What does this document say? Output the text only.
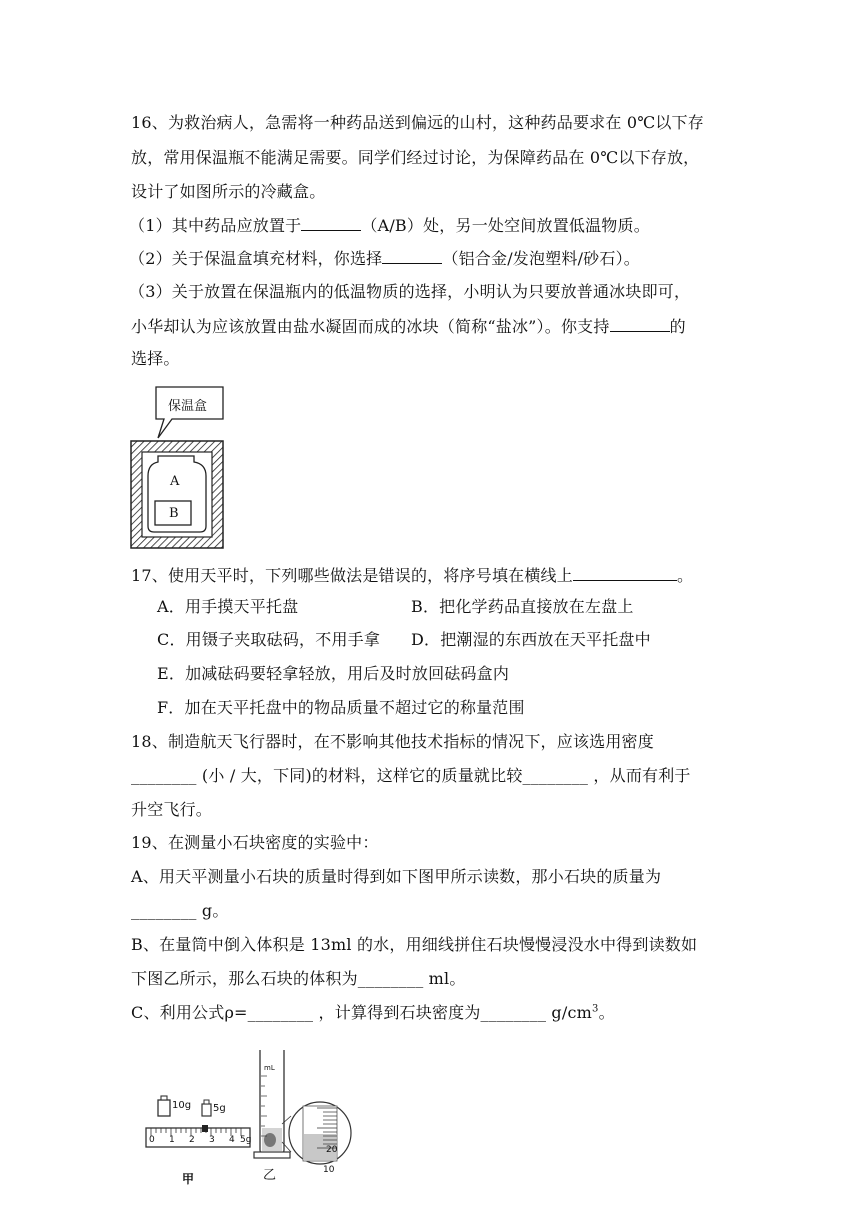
16、为救治病人，急需将一种药品送到偏远的山村，这种药品要求在 0℃以下存
放，常用保温瓶不能满足需要。同学们经过讨论，为保障药品在 0℃以下存放，
设计了如图所示的冷藏盒。
（1）其中药品应放置于	（A/B）处，另一处空间放置低温物质。
（2）关于保温盒填充材料，你选择	（铝合金/发泡塑料/砂石）。
（3）关于放置在保温瓶内的低温物质的选择，小明认为只要放普通冰块即可，
小华却认为应该放置由盐水凝固而成的冰块（简称“盐冰”）。你支持	的
选择。
保温盒
A
B
17、使用天平时，下列哪些做法是错误的，将序号填在横线上	。
A．用手摸天平托盘	B．把化学药品直接放在左盘上
C．用镊子夹取砝码，不用手拿 D．把潮湿的东西放在天平托盘中
E．加减砝码要轻拿轻放，用后及时放回砝码盒内
F．加在天平托盘中的物品质量不超过它的称量范围
18、制造航天飞行器时，在不影响其他技术指标的情况下，应该选用密度
________ (小 / 大，下同)的材料，这样它的质量就比较________ ，从而有利于
升空飞行。
19、在测量小石块密度的实验中：
A、用天平测量小石块的质量时得到如下图甲所示读数，那小石块的质量为
________ g。
B、在量筒中倒入体积是 13ml 的水，用细线拼住石块慢慢浸没水中得到读数如
下图乙所示，那么石块的体积为________ ml。
C、利用公式ρ=________ ，计算得到石块密度为________ $g/cm^3$。
0 1 2 3 4 5g
10g 5g
甲
mL
20
10
乙
